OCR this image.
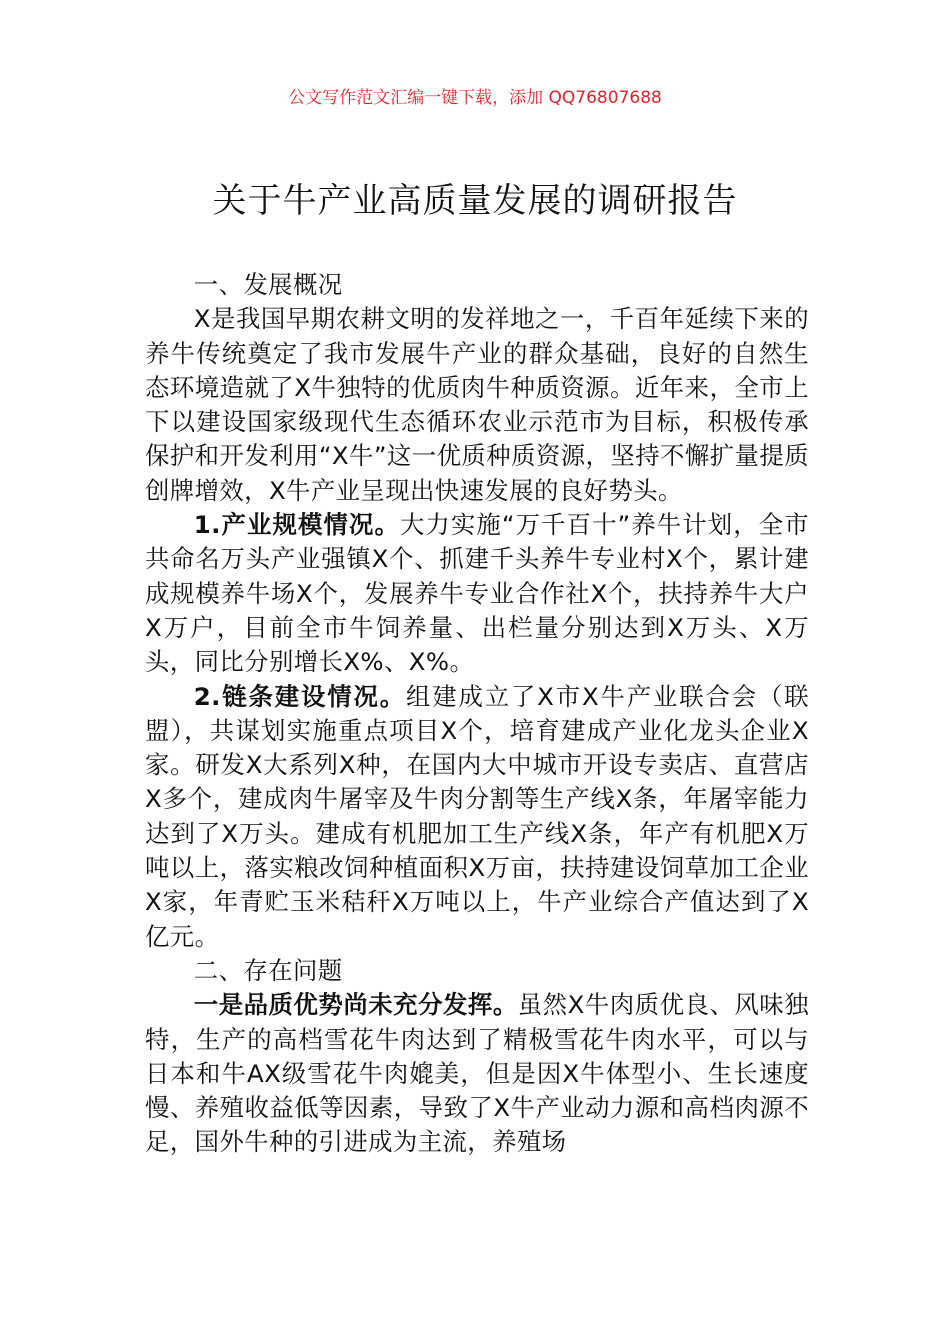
公文写作范文汇编一键下载，添加 QQ76807688
关于牛产业高质量发展的调研报告

一、发展概况

X是我国早期农耕文明的发祥地之一，千百年延续下来的养牛传统奠定了我市发展牛产业的群众基础，良好的自然生态环境造就了X牛独特的优质肉牛种质资源。近年来，全市上下以建设国家级现代生态循环农业示范市为目标，积极传承保护和开发利用“X牛”这一优质种质资源，坚持不懈扩量提质创牌增效，X牛产业呈现出快速发展的良好势头。

1.产业规模情况。大力实施“万千百十”养牛计划，全市共命名万头产业强镇X个、抓建千头养牛专业村X个，累计建成规模养牛场X个，发展养牛专业合作社X个，扶持养牛大户X万户，目前全市牛饲养量、出栏量分别达到X万头、X万头，同比分别增长X%、X%。

2.链条建设情况。组建成立了X市X牛产业联合会（联盟），共谋划实施重点项目X个，培育建成产业化龙头企业X家。研发X大系列X种，在国内大中城市开设专卖店、直营店X多个，建成肉牛屠宰及牛肉分割等生产线X条，年屠宰能力达到了X万头。建成有机肥加工生产线X条，年产有机肥X万吨以上，落实粮改饲种植面积X万亩，扶持建设饲草加工企业X家，年青贮玉米秸秆X万吨以上，牛产业综合产值达到了X亿元。

二、存在问题

一是品质优势尚未充分发挥。虽然X牛肉质优良、风味独特，生产的高档雪花牛肉达到了精极雪花牛肉水平，可以与日本和牛AX级雪花牛肉媲美，但是因X牛体型小、生长速度慢、养殖收益低等因素，导致了X牛产业动力源和高档肉源不足，国外牛种的引进成为主流，养殖场
